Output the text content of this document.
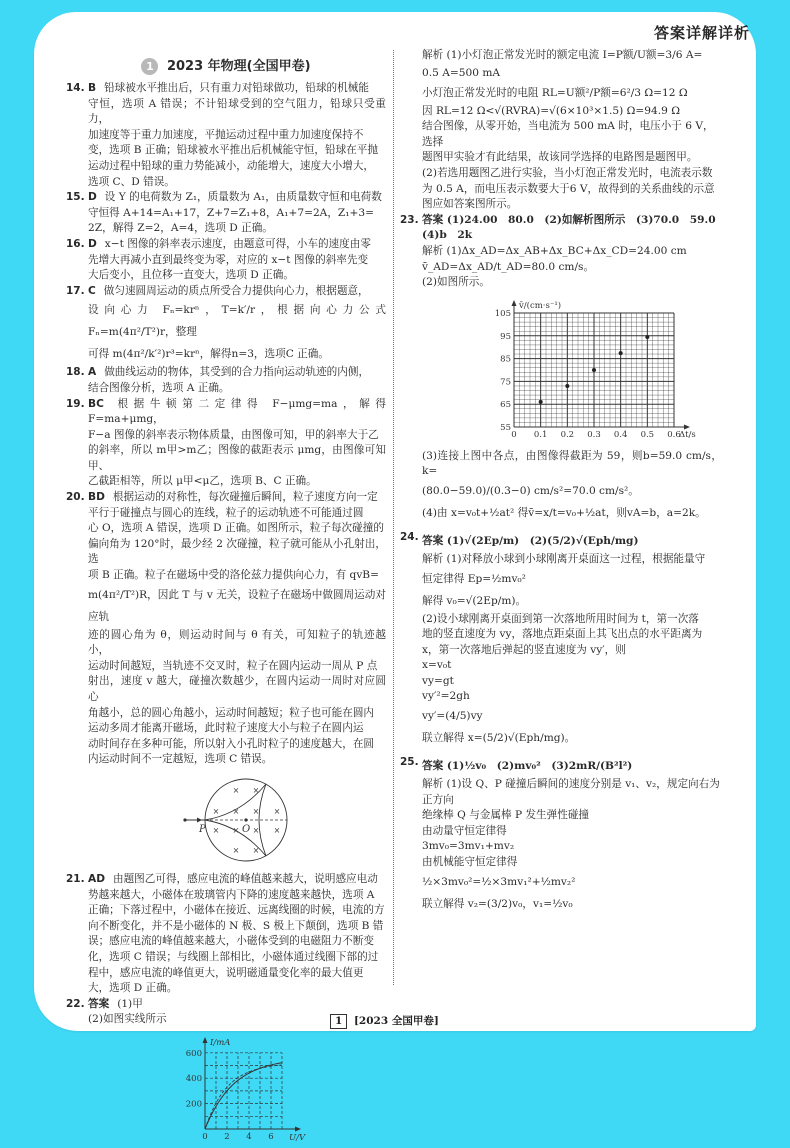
答案详解详析
1 2023 年物理(全国甲卷)
14. B 铅球被水平推出后，只有重力对铅球做功，铅球的机械能
守恒，选项 A 错误；不计铅球受到的空气阻力，铅球只受重力，
加速度等于重力加速度，平抛运动过程中重力加速度保持不
变，选项 B 正确；铅球被水平推出后机械能守恒，铅球在平抛
运动过程中铅球的重力势能减小，动能增大，速度大小增大，
选项 C、D 错误。
15. D 设 Y 的电荷数为 Z₁，质量数为 A₁，由质量数守恒和电荷数
守恒得 A+14=A₁+17，Z+7=Z₁+8，A₁+7=2A，Z₁+3=
2Z，解得 Z=2，A=4，选项 D 正确。
16. D x−t 图像的斜率表示速度，由题意可得，小车的速度由零
先增大再减小直到最终变为零，对应的 x−t 图像的斜率先变
大后变小，且位移一直变大，选项 D 正确。
17. C 做匀速圆周运动的质点所受合力提供向心力，根据题意，
设向心力 Fₙ=krⁿ，T=k′/r，根据向心力公式 Fₙ=m(4π²/T²)r，整理
可得 m(4π²/k′²)r³=krⁿ，解得n=3，选项C 正确。
18. A 做曲线运动的物体，其受到的合力指向运动轨迹的内侧，
结合图像分析，选项 A 正确。
19. BC 根据牛顿第二定律得 F−μmg=ma，解得 F=ma+μmg，
F−a 图像的斜率表示物体质量，由图像可知，甲的斜率大于乙
的斜率，所以 m甲>m乙；图像的截距表示 μmg，由图像可知甲、
乙截距相等，所以 μ甲<μ乙，选项 B、C 正确。
20. BD 根据运动的对称性，每次碰撞后瞬间，粒子速度方向一定
平行于碰撞点与圆心的连线，粒子的运动轨迹不可能通过圆
心 O，选项 A 错误，选项 D 正确。如图所示，粒子每次碰撞的
偏向角为 120°时，最少经 2 次碰撞，粒子就可能从小孔射出，选
项 B 正确。粒子在磁场中受的洛伦兹力提供向心力，有 qvB=
m(4π²/T²)R，因此 T 与 v 无关，设粒子在磁场中做圆周运动对应轨
迹的圆心角为 θ，则运动时间与 θ 有关，可知粒子的轨迹越小，
运动时间越短，当轨迹不交叉时，粒子在圆内运动一周从 P 点
射出，速度 v 越大，碰撞次数越少，在圆内运动一周时对应圆心
角越小，总的圆心角越小，运动时间越短；粒子也可能在圆内
运动多周才能离开磁场，此时粒子速度大小与粒子在圆内运
动时间存在多种可能，所以射入小孔时粒子的速度越大，在圆
内运动时间不一定越短，选项 C 错误。
× ×
× × × ×
× × × ×
× ×
P	O
21. AD 由题图乙可得，感应电流的峰值越来越大，说明感应电动
势越来越大，小磁体在玻璃管内下降的速度越来越快，选项 A
正确；下落过程中，小磁体在接近、远离线圈的时候，电流的方
向不断变化，并不是小磁体的 N 极、S 极上下颠倒，选项 B 错
误；感应电流的峰值越来越大，小磁体受到的电磁阻力不断变
化，选项 C 错误；与线圈上部相比，小磁体通过线圈下部的过
程中，感应电流的峰值更大，说明磁通量变化率的最大值更
大，选项 D 正确。
22. 答案 (1)甲
(2)如图实线所示
200
400
600
0 2 4 6
I/mA
U/V
解析 (1)小灯泡正常发光时的额定电流 I=P额/U额=3/6 A=
0.5 A=500 mA
小灯泡正常发光时的电阻 RL=U额²/P额=6²/3 Ω=12 Ω
因 RL=12 Ω<√(RVRA)=√(6×10³×1.5) Ω=94.9 Ω
结合图像，从零开始，当电流为 500 mA 时，电压小于 6 V，选择
题图甲实验才有此结果，故该同学选择的电路图是题图甲。
(2)若选用题图乙进行实验，当小灯泡正常发光时，电流表示数
为 0.5 A，而电压表示数要大于6 V，故得到的关系曲线的示意
图应如答案图所示。
23. 答案 (1)24.00　80.0　(2)如解析图所示　(3)70.0　59.0
(4)b　2k
解析 (1)Δx_AD=Δx_AB+Δx_BC+Δx_CD=24.00 cm
v̄_AD=Δx_AD/t_AD=80.0 cm/s。
(2)如图所示。
55
65
75
85
95
105
0 0.1 0.2 0.3 0.4 0.5 0.6
v̄/(cm·s⁻¹)
Δt/s
(3)连接上图中各点，由图像得截距为 59，则b=59.0 cm/s，k=
(80.0−59.0)/(0.3−0) cm/s²=70.0 cm/s²。
(4)由 x=v₀t+½at² 得v̄=x/t=v₀+½at，则vA=b，a=2k。
24. 答案 (1)√(2Ep/m)　(2)(5/2)√(Eph/mg)
解析 (1)对释放小球到小球刚离开桌面这一过程，根据能量守
恒定律得 Ep=½mv₀²
解得 v₀=√(2Ep/m)。
(2)设小球刚离开桌面到第一次落地所用时间为 t，第一次落
地的竖直速度为 vy，落地点距桌面上其飞出点的水平距离为
x，第一次落地后弹起的竖直速度为 vy′，则
x=v₀t
vy=gt
vy′²=2gh
vy′=(4/5)vy
联立解得 x=(5/2)√(Eph/mg)。
25. 答案 (1)½v₀　(2)mv₀²　(3)2mR/(B²l²)
解析 (1)设 Q、P 碰撞后瞬间的速度分别是 v₁、v₂，规定向右为
正方向
绝缘棒 Q 与金属棒 P 发生弹性碰撞
由动量守恒定律得
3mv₀=3mv₁+mv₂
由机械能守恒定律得
½×3mv₀²=½×3mv₁²+½mv₂²
联立解得 v₂=(3/2)v₀，v₁=½v₀
1 [2023 全国甲卷]
